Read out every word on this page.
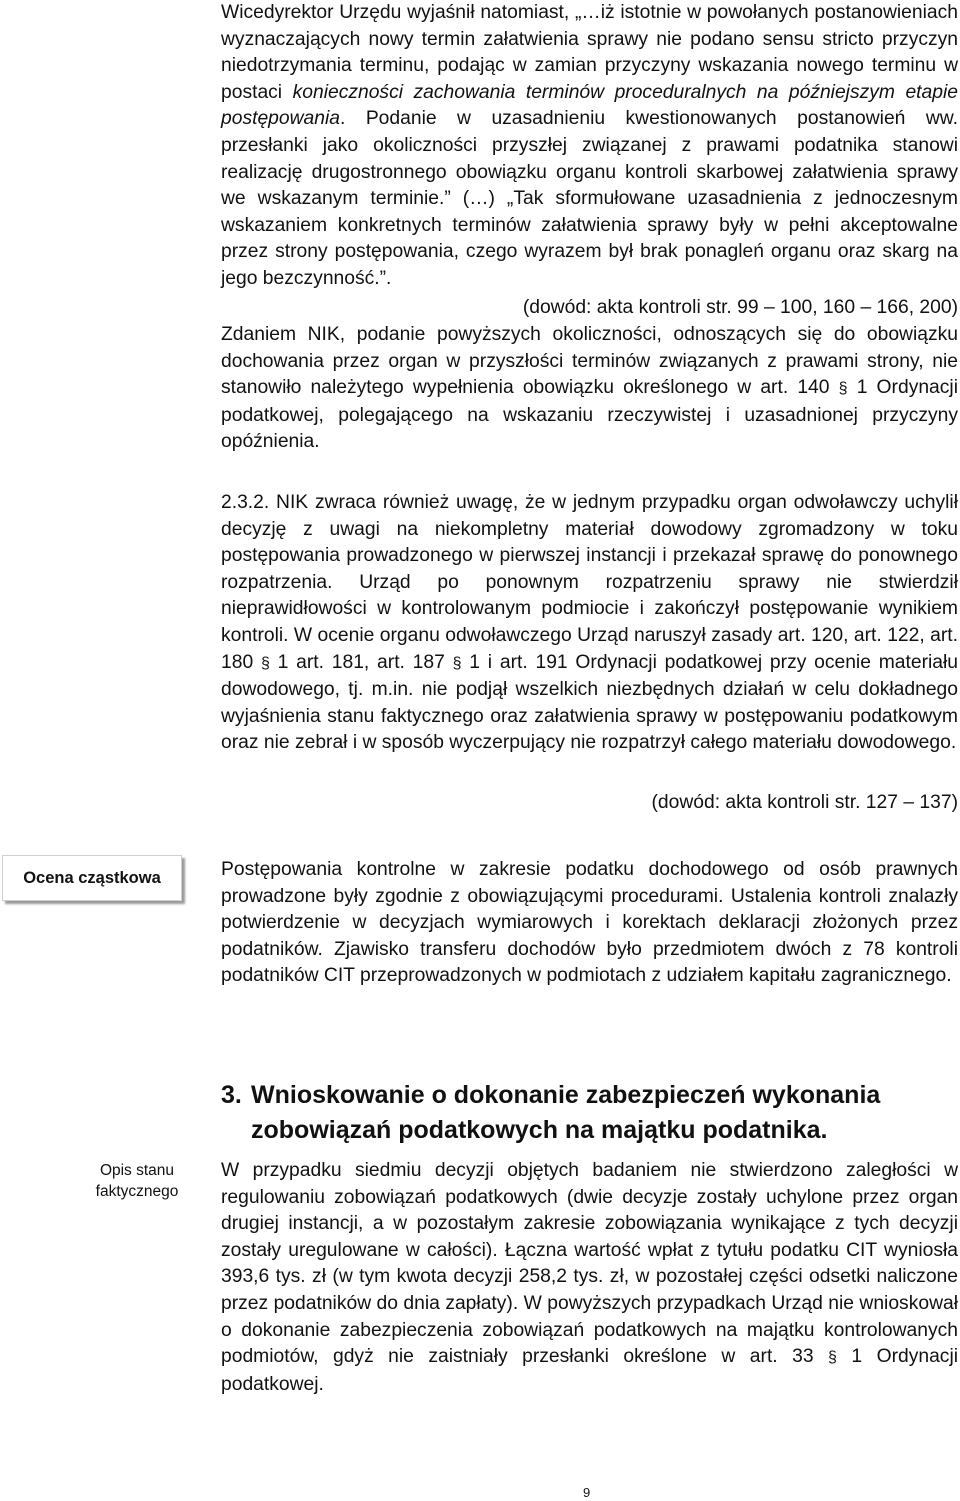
Wicedyrektor Urzędu wyjaśnił natomiast, „…iż istotnie w powołanych postanowieniach wyznaczających nowy termin załatwienia sprawy nie podano sensu stricto przyczyn niedotrzymania terminu, podając w zamian przyczyny wskazania nowego terminu w postaci konieczności zachowania terminów proceduralnych na późniejszym etapie postępowania. Podanie w uzasadnieniu kwestionowanych postanowień ww. przesłanki jako okoliczności przyszłej związanej z prawami podatnika stanowi realizację drugostronnego obowiązku organu kontroli skarbowej załatwienia sprawy we wskazanym terminie.” (…) „Tak sformułowane uzasadnienia z jednoczesnym wskazaniem konkretnych terminów załatwienia sprawy były w pełni akceptowalne przez strony postępowania, czego wyrazem był brak ponagleń organu oraz skarg na jego bezczynność.”.

(dowód: akta kontroli str. 99 – 100, 160 – 166, 200)

Zdaniem NIK, podanie powyższych okoliczności, odnoszących się do obowiązku dochowania przez organ w przyszłości terminów związanych z prawami strony, nie stanowiło należytego wypełnienia obowiązku określonego w art. 140 § 1 Ordynacji podatkowej, polegającego na wskazaniu rzeczywistej i uzasadnionej przyczyny opóźnienia.

2.3.2. NIK zwraca również uwagę, że w jednym przypadku organ odwoławczy uchylił decyzję z uwagi na niekompletny materiał dowodowy zgromadzony w toku postępowania prowadzonego w pierwszej instancji i przekazał sprawę do ponownego rozpatrzenia. Urząd po ponownym rozpatrzeniu sprawy nie stwierdził nieprawidłowości w kontrolowanym podmiocie i zakończył postępowanie wynikiem kontroli. W ocenie organu odwoławczego Urząd naruszył zasady art. 120, art. 122, art. 180 § 1 art. 181, art. 187 § 1 i art. 191 Ordynacji podatkowej przy ocenie materiału dowodowego, tj. m.in. nie podjął wszelkich niezbędnych działań w celu dokładnego wyjaśnienia stanu faktycznego oraz załatwienia sprawy w postępowaniu podatkowym oraz nie zebrał i w sposób wyczerpujący nie rozpatrzył całego materiału dowodowego.

(dowód: akta kontroli str. 127 – 137)

Ocena cząstkowa	Postępowania kontrolne w zakresie podatku dochodowego od osób prawnych prowadzone były zgodnie z obowiązującymi procedurami. Ustalenia kontroli znalazły potwierdzenie w decyzjach wymiarowych i korektach deklaracji złożonych przez podatników. Zjawisko transferu dochodów było przedmiotem dwóch z 78 kontroli podatników CIT przeprowadzonych w podmiotach z udziałem kapitału zagranicznego.

3. Wnioskowanie o dokonanie zabezpieczeń wykonania
zobowiązań podatkowych na majątku podatnika.
Opis stanu faktycznego

W przypadku siedmiu decyzji objętych badaniem nie stwierdzono zaległości w regulowaniu zobowiązań podatkowych (dwie decyzje zostały uchylone przez organ drugiej instancji, a w pozostałym zakresie zobowiązania wynikające z tych decyzji zostały uregulowane w całości). Łączna wartość wpłat z tytułu podatku CIT wyniosła 393,6 tys. zł (w tym kwota decyzji 258,2 tys. zł, w pozostałej części odsetki naliczone przez podatników do dnia zapłaty). W powyższych przypadkach Urząd nie wnioskował o dokonanie zabezpieczenia zobowiązań podatkowych na majątku kontrolowanych podmiotów, gdyż nie zaistniały przesłanki określone w art. 33 § 1 Ordynacji podatkowej.

9
